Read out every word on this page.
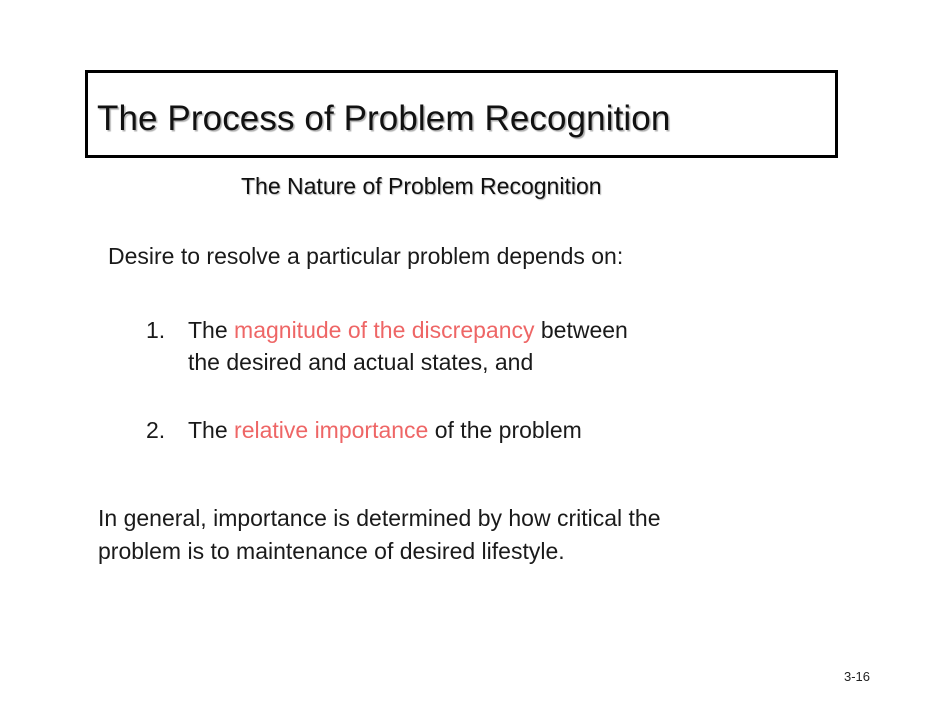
The Process of Problem Recognition
The Nature of Problem Recognition
Desire to resolve a particular problem depends on:
1. The magnitude of the discrepancy between
the desired and actual states, and
2. The relative importance of the problem
In general, importance is determined by how critical the
problem is to maintenance of desired lifestyle.
3-16
